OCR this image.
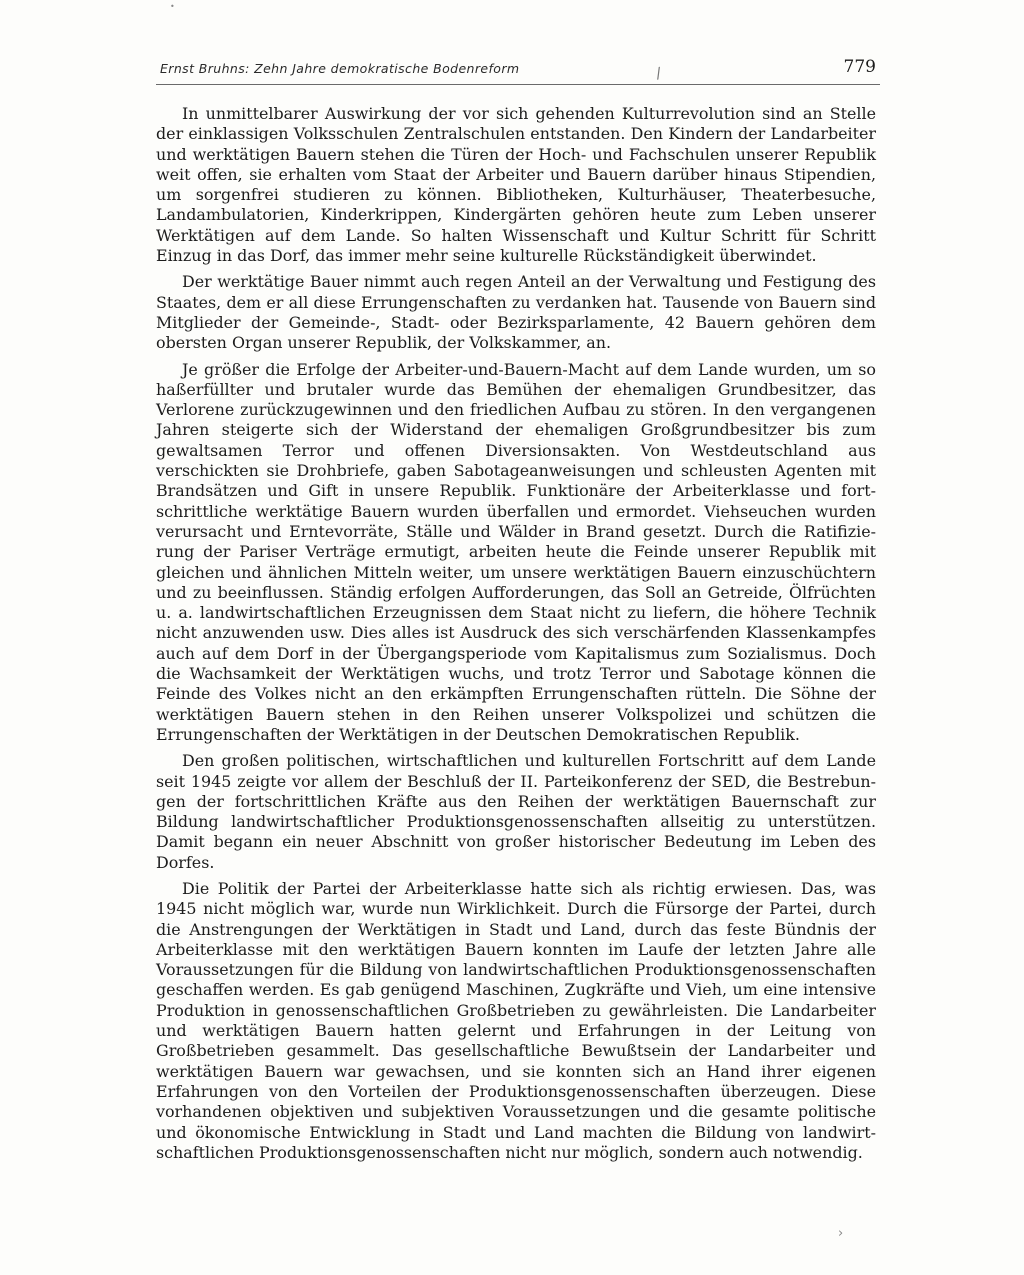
Ernst Bruhns: Zehn Jahre demokratische Bodenreform	/	779

In unmittelbarer Auswirkung der vor sich gehenden Kulturrevolution sind an Stelle der einklassigen Volksschulen Zentralschulen entstanden. Den Kindern der Landarbeiter und werktätigen Bauern stehen die Türen der Hoch- und Fachschulen unserer Republik weit offen, sie erhalten vom Staat der Arbeiter und Bauern darüber hinaus Stipendien, um sorgenfrei studieren zu können. Bibliotheken, Kulturhäuser, Theaterbesuche, Landambulatorien, Kinderkrippen, Kindergärten gehören heute zum Leben unserer Werktätigen auf dem Lande. So halten Wissenschaft und Kultur Schritt für Schritt Einzug in das Dorf, das immer mehr seine kulturelle Rückständigkeit überwindet.

Der werktätige Bauer nimmt auch regen Anteil an der Verwaltung und Festigung des Staates, dem er all diese Errungenschaften zu verdanken hat. Tausende von Bauern sind Mitglieder der Gemeinde-, Stadt- oder Bezirksparlamente, 42 Bauern gehören dem obersten Organ unserer Republik, der Volkskammer, an.

Je größer die Erfolge der Arbeiter-und-Bauern-Macht auf dem Lande wurden, um so haßerfüllter und brutaler wurde das Bemühen der ehemaligen Grundbesitzer, das Verlorene zurückzugewinnen und den friedlichen Aufbau zu stören. In den vergangenen Jahren steigerte sich der Widerstand der ehemaligen Großgrundbesitzer bis zum gewaltsamen Terror und offenen Diversionsakten. Von Westdeutschland aus verschickten sie Drohbriefe, gaben Sabotageanweisungen und schleusten Agenten mit Brandsätzen und Gift in unsere Republik. Funktionäre der Arbeiterklasse und fortschrittliche werktätige Bauern wurden überfallen und ermordet. Viehseuchen wurden verursacht und Erntevorräte, Ställe und Wälder in Brand gesetzt. Durch die Ratifizierung der Pariser Verträge ermutigt, arbeiten heute die Feinde unserer Republik mit gleichen und ähnlichen Mitteln weiter, um unsere werktätigen Bauern einzuschüchtern und zu beeinflussen. Ständig erfolgen Aufforderungen, das Soll an Getreide, Ölfrüchten u. a. landwirtschaftlichen Erzeugnissen dem Staat nicht zu liefern, die höhere Technik nicht anzuwenden usw. Dies alles ist Ausdruck des sich verschärfenden Klassenkampfes auch auf dem Dorf in der Übergangsperiode vom Kapitalismus zum Sozialismus. Doch die Wachsamkeit der Werktätigen wuchs, und trotz Terror und Sabotage können die Feinde des Volkes nicht an den erkämpften Errungenschaften rütteln. Die Söhne der werktätigen Bauern stehen in den Reihen unserer Volkspolizei und schützen die Errungenschaften der Werktätigen in der Deutschen Demokratischen Republik.

Den großen politischen, wirtschaftlichen und kulturellen Fortschritt auf dem Lande seit 1945 zeigte vor allem der Beschluß der II. Parteikonferenz der SED, die Bestrebungen der fortschrittlichen Kräfte aus den Reihen der werktätigen Bauernschaft zur Bildung landwirtschaftlicher Produktionsgenossenschaften allseitig zu unterstützen. Damit begann ein neuer Abschnitt von großer historischer Bedeutung im Leben des Dorfes.

Die Politik der Partei der Arbeiterklasse hatte sich als richtig erwiesen. Das, was 1945 nicht möglich war, wurde nun Wirklichkeit. Durch die Fürsorge der Partei, durch die Anstrengungen der Werktätigen in Stadt und Land, durch das feste Bündnis der Arbeiterklasse mit den werktätigen Bauern konnten im Laufe der letzten Jahre alle Voraussetzungen für die Bildung von landwirtschaftlichen Produktionsgenossenschaften geschaffen werden. Es gab genügend Maschinen, Zugkräfte und Vieh, um eine intensive Produktion in genossenschaftlichen Großbetrieben zu gewährleisten. Die Landarbeiter und werktätigen Bauern hatten gelernt und Erfahrungen in der Leitung von Großbetrieben gesammelt. Das gesellschaftliche Bewußtsein der Landarbeiter und werktätigen Bauern war gewachsen, und sie konnten sich an Hand ihrer eigenen Erfahrungen von den Vorteilen der Produktionsgenossenschaften überzeugen. Diese vorhandenen objektiven und subjektiven Voraussetzungen und die gesamte politische und ökonomische Entwicklung in Stadt und Land machten die Bildung von landwirtschaftlichen Produktionsgenossenschaften nicht nur möglich, sondern auch notwendig.

›
•
